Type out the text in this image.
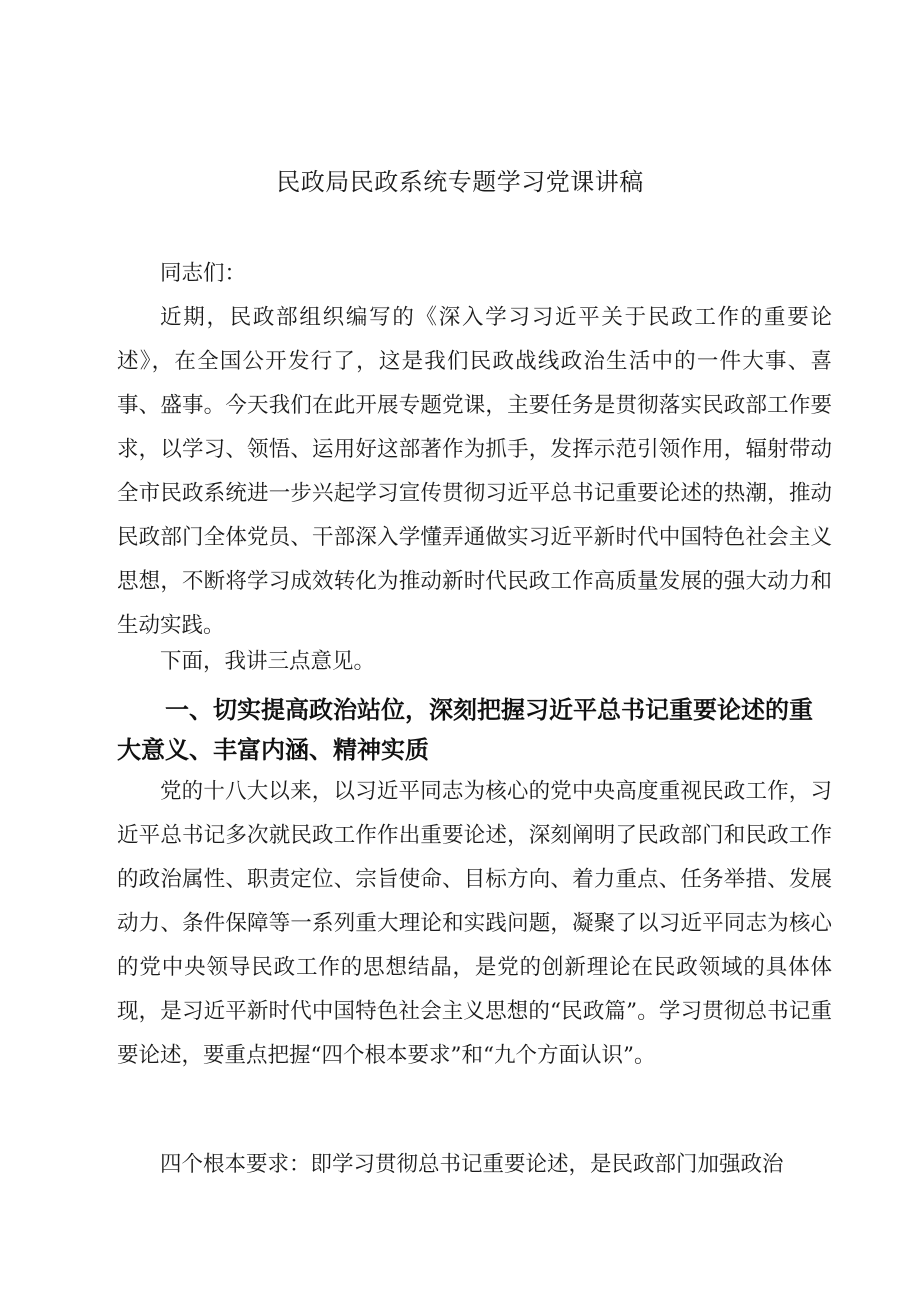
民政局民政系统专题学习党课讲稿

同志们：

近期，民政部组织编写的《深入学习习近平关于民政工作的重要论述》，在全国公开发行了，这是我们民政战线政治生活中的一件大事、喜事、盛事。今天我们在此开展专题党课，主要任务是贯彻落实民政部工作要求，以学习、领悟、运用好这部著作为抓手，发挥示范引领作用，辐射带动全市民政系统进一步兴起学习宣传贯彻习近平总书记重要论述的热潮，推动民政部门全体党员、干部深入学懂弄通做实习近平新时代中国特色社会主义思想，不断将学习成效转化为推动新时代民政工作高质量发展的强大动力和生动实践。

下面，我讲三点意见。

一、切实提高政治站位，深刻把握习近平总书记重要论述的重大意义、丰富内涵、精神实质

党的十八大以来，以习近平同志为核心的党中央高度重视民政工作，习近平总书记多次就民政工作作出重要论述，深刻阐明了民政部门和民政工作的政治属性、职责定位、宗旨使命、目标方向、着力重点、任务举措、发展动力、条件保障等一系列重大理论和实践问题，凝聚了以习近平同志为核心的党中央领导民政工作的思想结晶，是党的创新理论在民政领域的具体体现，是习近平新时代中国特色社会主义思想的“民政篇”。学习贯彻总书记重要论述，要重点把握“四个根本要求”和“九个方面认识”。

四个根本要求：即学习贯彻总书记重要论述，是民政部门加强政治
